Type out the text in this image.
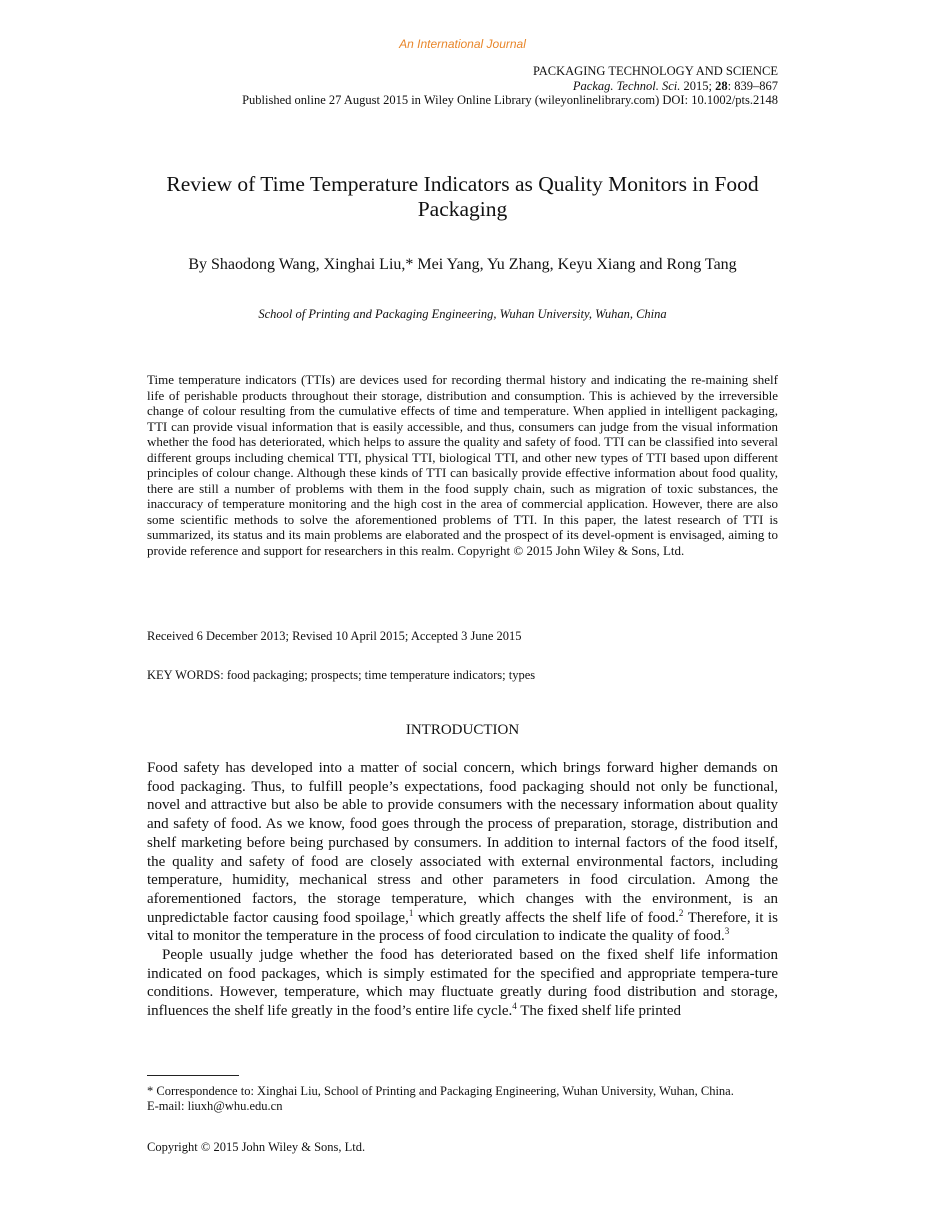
An International Journal
PACKAGING TECHNOLOGY AND SCIENCE
Packag. Technol. Sci. 2015; 28: 839–867
Published online 27 August 2015 in Wiley Online Library (wileyonlinelibrary.com) DOI: 10.1002/pts.2148
Review of Time Temperature Indicators as Quality Monitors in Food Packaging
By Shaodong Wang, Xinghai Liu,* Mei Yang, Yu Zhang, Keyu Xiang and Rong Tang
School of Printing and Packaging Engineering, Wuhan University, Wuhan, China

Time temperature indicators (TTIs) are devices used for recording thermal history and indicating the re-maining shelf life of perishable products throughout their storage, distribution and consumption. This is achieved by the irreversible change of colour resulting from the cumulative effects of time and temperature. When applied in intelligent packaging, TTI can provide visual information that is easily accessible, and thus, consumers can judge from the visual information whether the food has deteriorated, which helps to assure the quality and safety of food. TTI can be classified into several different groups including chemical TTI, physical TTI, biological TTI, and other new types of TTI based upon different principles of colour change. Although these kinds of TTI can basically provide effective information about food quality, there are still a number of problems with them in the food supply chain, such as migration of toxic substances, the inaccuracy of temperature monitoring and the high cost in the area of commercial application. However, there are also some scientific methods to solve the aforementioned problems of TTI. In this paper, the latest research of TTI is summarized, its status and its main problems are elaborated and the prospect of its devel-opment is envisaged, aiming to provide reference and support for researchers in this realm. Copyright © 2015 John Wiley & Sons, Ltd.

Received 6 December 2013; Revised 10 April 2015; Accepted 3 June 2015
KEY WORDS: food packaging; prospects; time temperature indicators; types
INTRODUCTION

Food safety has developed into a matter of social concern, which brings forward higher demands on food packaging. Thus, to fulfill people’s expectations, food packaging should not only be functional, novel and attractive but also be able to provide consumers with the necessary information about quality and safety of food. As we know, food goes through the process of preparation, storage, distribution and shelf marketing before being purchased by consumers. In addition to internal factors of the food itself, the quality and safety of food are closely associated with external environmental factors, including temperature, humidity, mechanical stress and other parameters in food circulation. Among the aforementioned factors, the storage temperature, which changes with the environment, is an unpredictable factor causing food spoilage,$^1$ which greatly affects the shelf life of food.$^2$ Therefore, it is vital to monitor the temperature in the process of food circulation to indicate the quality of food.$^3$

People usually judge whether the food has deteriorated based on the fixed shelf life information indicated on food packages, which is simply estimated for the specified and appropriate tempera-ture conditions. However, temperature, which may fluctuate greatly during food distribution and storage, influences the shelf life greatly in the food’s entire life cycle.$^4$ The fixed shelf life printed

* Correspondence to: Xinghai Liu, School of Printing and Packaging Engineering, Wuhan University, Wuhan, China.
E-mail: liuxh@whu.edu.cn
Copyright © 2015 John Wiley & Sons, Ltd.
